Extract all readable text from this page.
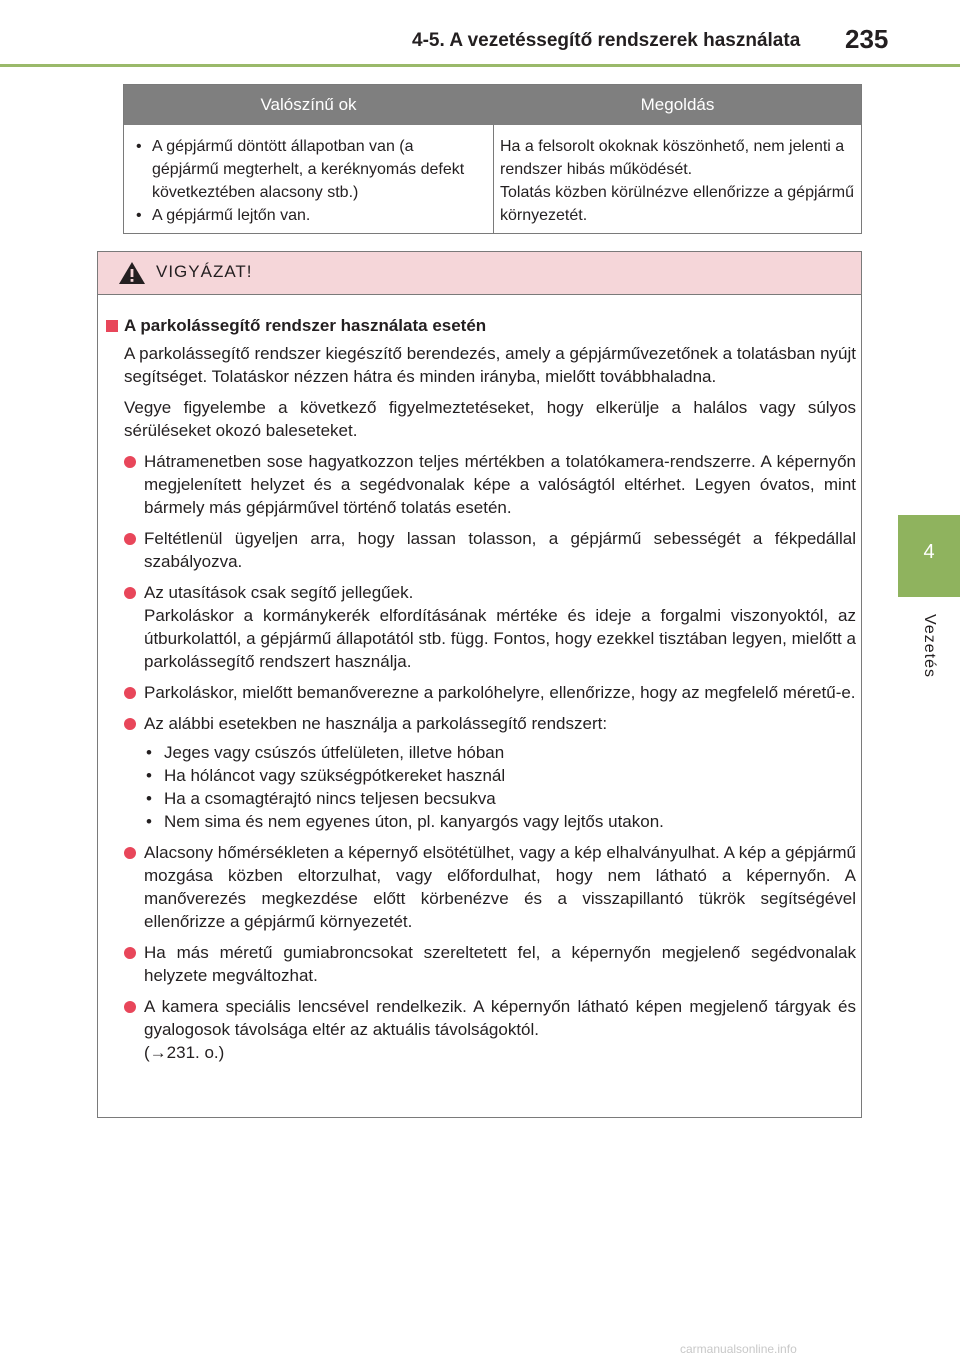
4-5. A vezetéssegítő rendszerek használata 235
4
Vezetés
Valószínű ok	Megoldás
• A gépjármű döntött állapotban van (a gépjármű megterhelt, a keréknyomás defekt következtében alacsony stb.)
• A gépjármű lejtőn van.
Ha a felsorolt okoknak köszönhető, nem jelenti a rendszer hibás működését.
Tolatás közben körülnézve ellenőrizze a gépjármű környezetét.
VIGYÁZAT!
A parkolássegítő rendszer használata esetén
A parkolássegítő rendszer kiegészítő berendezés, amely a gépjárművezetőnek a tolatásban nyújt segítséget. Tolatáskor nézzen hátra és minden irányba, mielőtt továbbhaladna.
Vegye figyelembe a következő figyelmeztetéseket, hogy elkerülje a halálos vagy súlyos sérüléseket okozó baleseteket.
Hátramenetben sose hagyatkozzon teljes mértékben a tolatókamera-rendszerre. A képernyőn megjelenített helyzet és a segédvonalak képe a valóságtól eltérhet. Legyen óvatos, mint bármely más gépjárművel történő tolatás esetén.
Feltétlenül ügyeljen arra, hogy lassan tolasson, a gépjármű sebességét a fékpedállal szabályozva.
Az utasítások csak segítő jellegűek.
Parkoláskor a kormánykerék elfordításának mértéke és ideje a forgalmi viszonyoktól, az útburkolattól, a gépjármű állapotától stb. függ. Fontos, hogy ezekkel tisztában legyen, mielőtt a parkolássegítő rendszert használja.
Parkoláskor, mielőtt bemanőverezne a parkolóhelyre, ellenőrizze, hogy az megfelelő méretű-e.
Az alábbi esetekben ne használja a parkolássegítő rendszert:
• Jeges vagy csúszós útfelületen, illetve hóban
• Ha hóláncot vagy szükségpótkereket használ
• Ha a csomagtérajtó nincs teljesen becsukva
• Nem sima és nem egyenes úton, pl. kanyargós vagy lejtős utakon.
Alacsony hőmérsékleten a képernyő elsötétülhet, vagy a kép elhalványulhat. A kép a gépjármű mozgása közben eltorzulhat, vagy előfordulhat, hogy nem látható a képernyőn. A manőverezés megkezdése előtt körbenézve és a visszapillantó tükrök segítségével ellenőrizze a gépjármű környezetét.
Ha más méretű gumiabroncsokat szereltetett fel, a képernyőn megjelenő segédvonalak helyzete megváltozhat.
A kamera speciális lencsével rendelkezik. A képernyőn látható képen megjelenő tárgyak és gyalogosok távolsága eltér az aktuális távolságoktól.
(→231. o.)
carmanualsonline.info
